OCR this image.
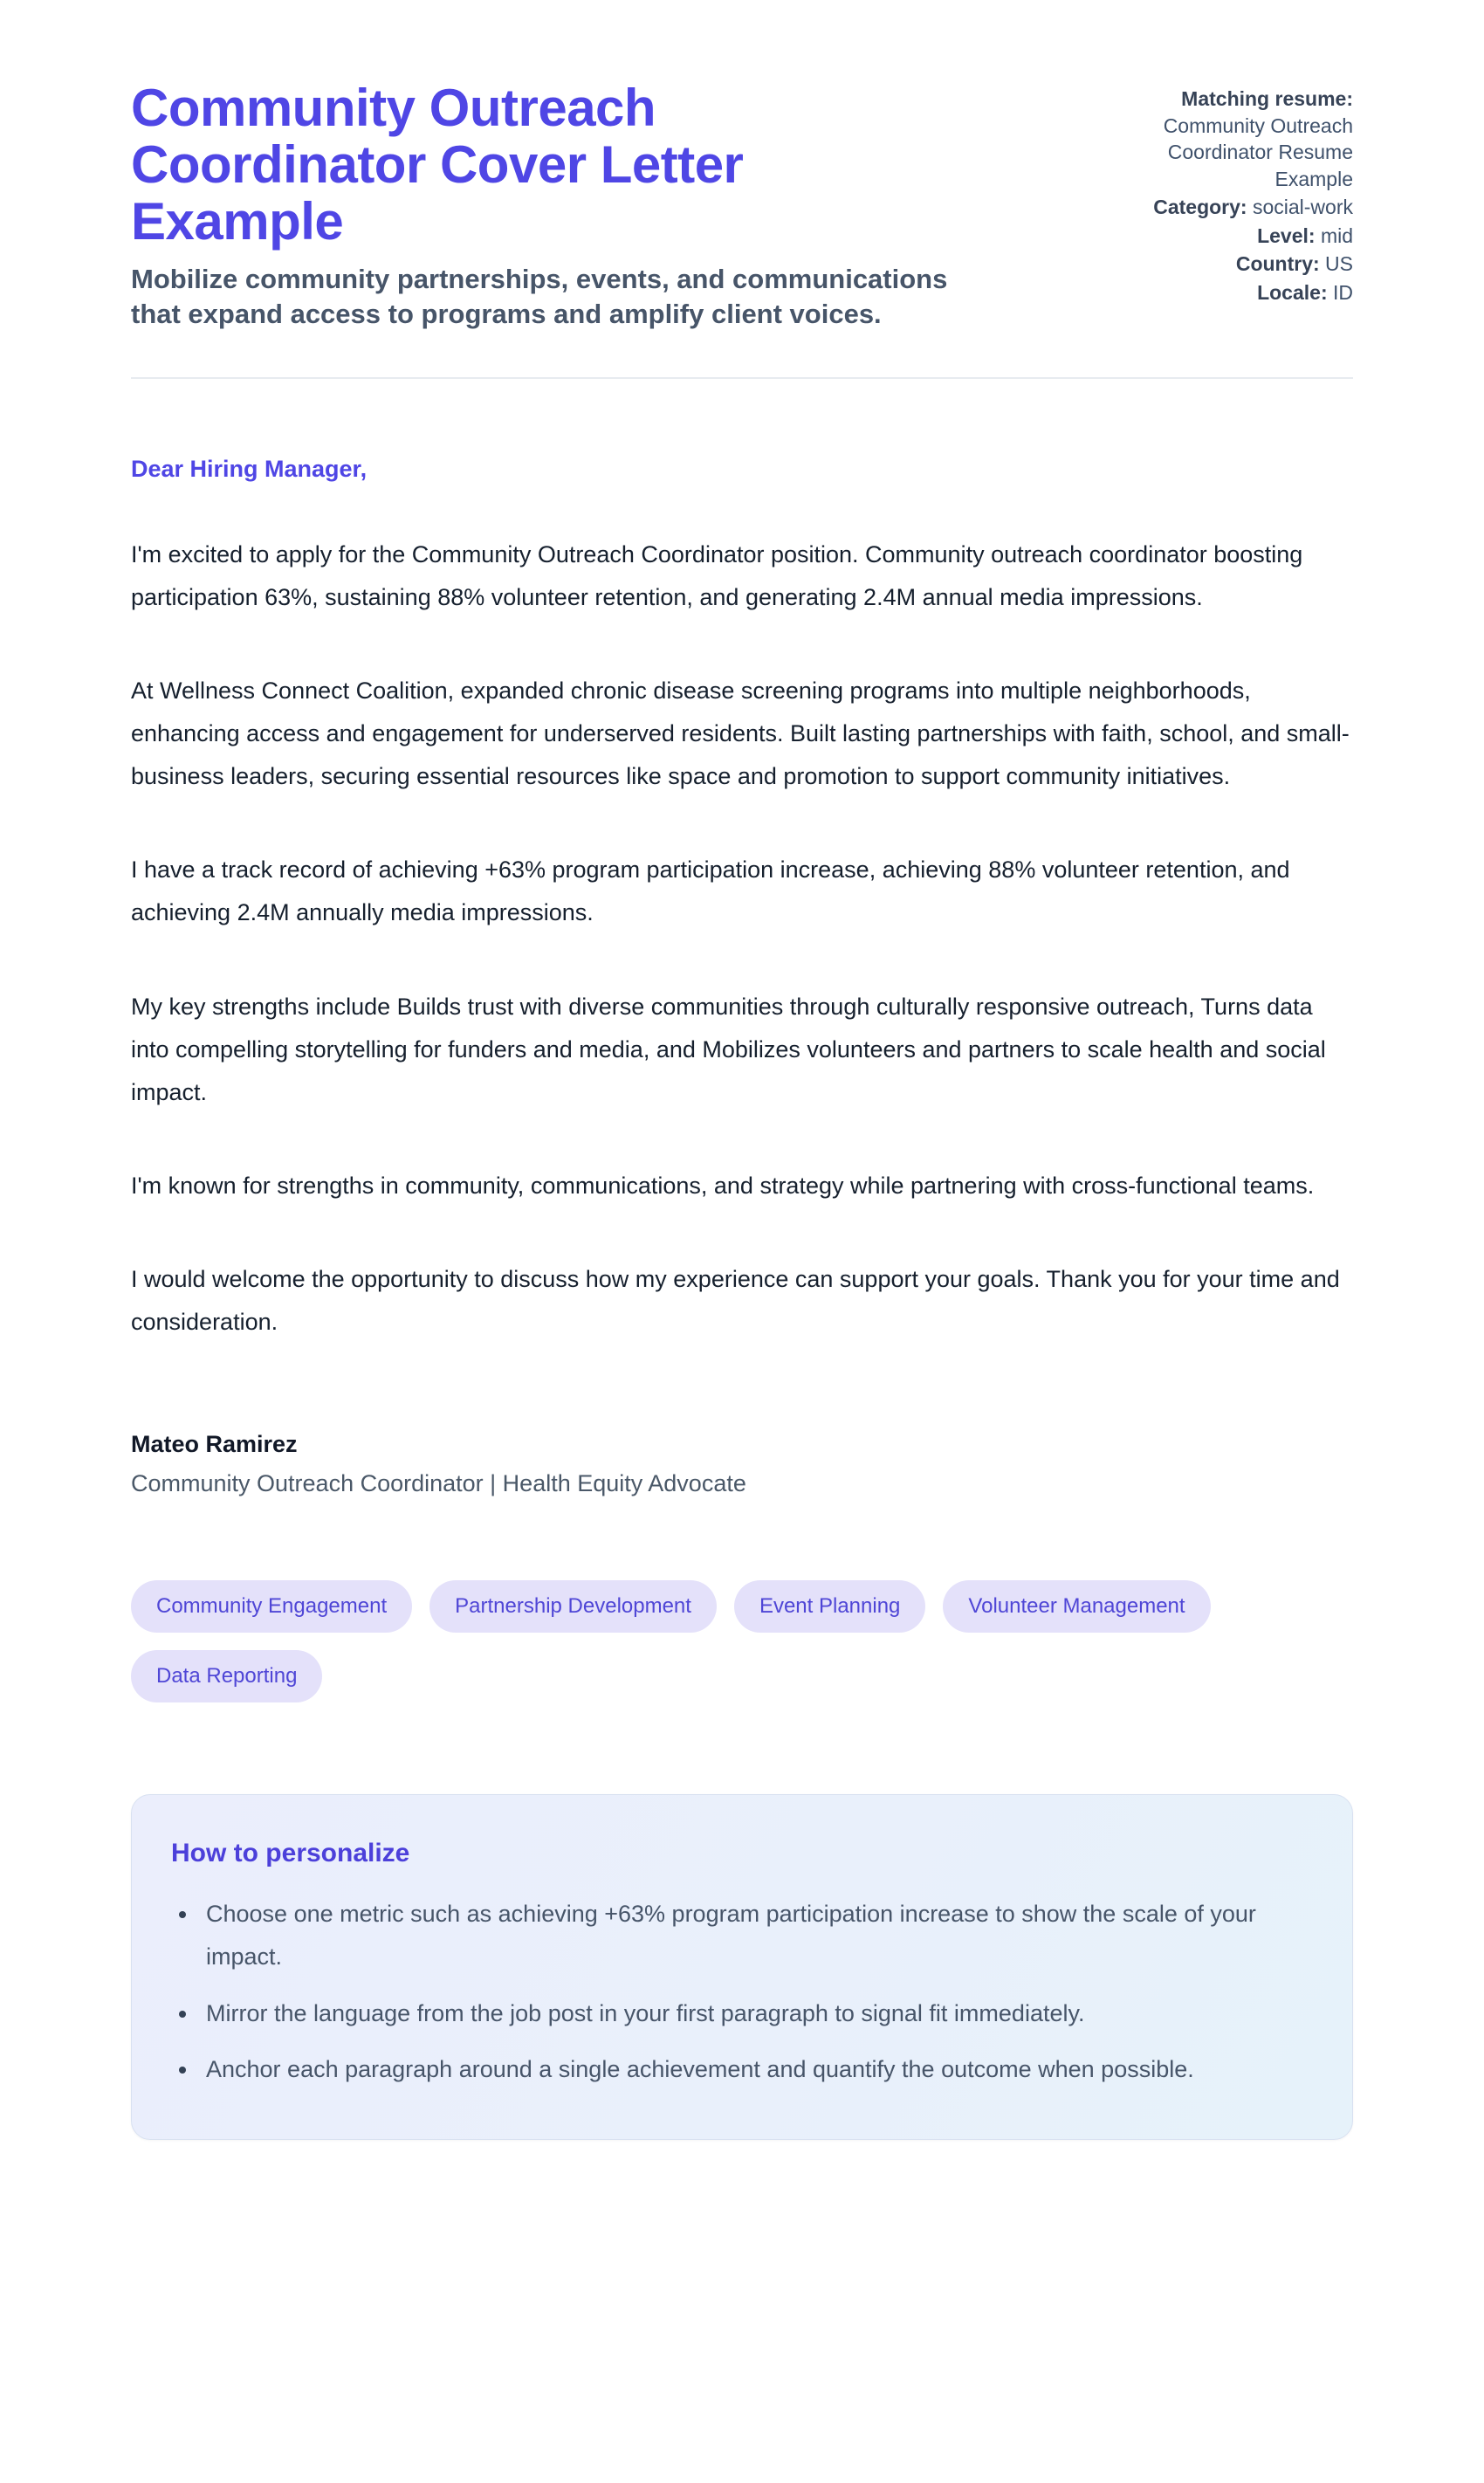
Community Outreach Coordinator Cover Letter Example
Mobilize community partnerships, events, and communications that expand access to programs and amplify client voices.
Matching resume: Community Outreach Coordinator Resume Example
Category: social-work
Level: mid
Country: US
Locale: ID
Dear Hiring Manager,

I'm excited to apply for the Community Outreach Coordinator position. Community outreach coordinator boosting participation 63%, sustaining 88% volunteer retention, and generating 2.4M annual media impressions.

At Wellness Connect Coalition, expanded chronic disease screening programs into multiple neighborhoods, enhancing access and engagement for underserved residents. Built lasting partnerships with faith, school, and small-business leaders, securing essential resources like space and promotion to support community initiatives.

I have a track record of achieving +63% program participation increase, achieving 88% volunteer retention, and achieving 2.4M annually media impressions.

My key strengths include Builds trust with diverse communities through culturally responsive outreach, Turns data into compelling storytelling for funders and media, and Mobilizes volunteers and partners to scale health and social impact.

I'm known for strengths in community, communications, and strategy while partnering with cross-functional teams.

I would welcome the opportunity to discuss how my experience can support your goals. Thank you for your time and consideration.

Mateo Ramirez
Community Outreach Coordinator | Health Equity Advocate
Community Engagement	Partnership Development	Event Planning	Volunteer Management
Data Reporting
How to personalize
• Choose one metric such as achieving +63% program participation increase to show the scale of your impact.
• Mirror the language from the job post in your first paragraph to signal fit immediately.
• Anchor each paragraph around a single achievement and quantify the outcome when possible.
